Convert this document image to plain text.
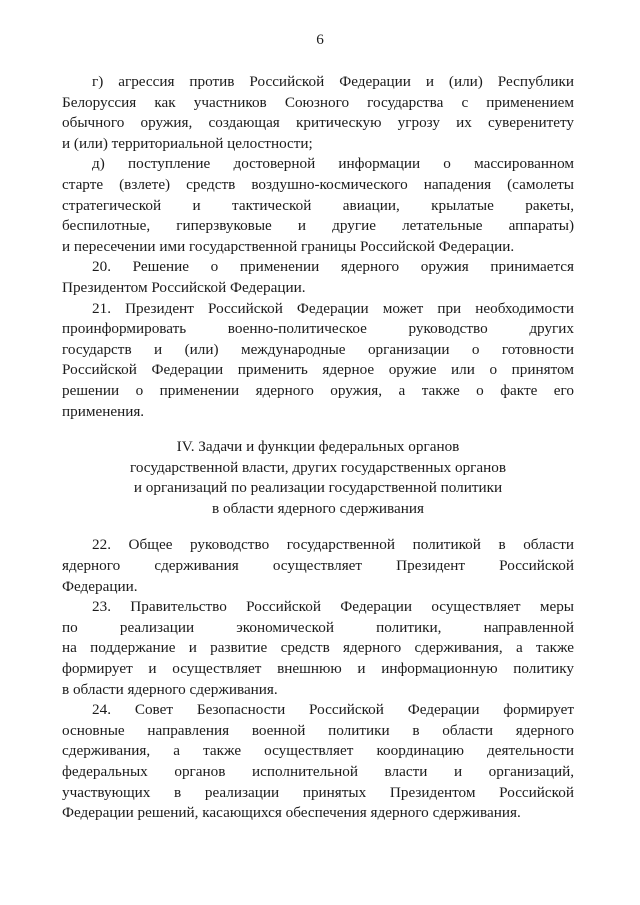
6
г) агрессия против Российской Федерации и (или) Республики
Белоруссия как участников Союзного государства с применением
обычного оружия, создающая критическую угрозу их суверенитету
и (или) территориальной целостности;
д) поступление достоверной информации о массированном
старте (взлете) средств воздушно-космического нападения (самолеты
стратегической и тактической авиации, крылатые ракеты,
беспилотные, гиперзвуковые и другие летательные аппараты)
и пересечении ими государственной границы Российской Федерации.
20. Решение о применении ядерного оружия принимается
Президентом Российской Федерации.
21. Президент Российской Федерации может при необходимости
проинформировать военно-политическое руководство других
государств и (или) международные организации о готовности
Российской Федерации применить ядерное оружие или о принятом
решении о применении ядерного оружия, а также о факте его
применения.
IV. Задачи и функции федеральных органов
государственной власти, других государственных органов
и организаций по реализации государственной политики
в области ядерного сдерживания
22. Общее руководство государственной политикой в области
ядерного сдерживания осуществляет Президент Российской
Федерации.
23. Правительство Российской Федерации осуществляет меры
по реализации экономической политики, направленной
на поддержание и развитие средств ядерного сдерживания, а также
формирует и осуществляет внешнюю и информационную политику
в области ядерного сдерживания.
24. Совет Безопасности Российской Федерации формирует
основные направления военной политики в области ядерного
сдерживания, а также осуществляет координацию деятельности
федеральных органов исполнительной власти и организаций,
участвующих в реализации принятых Президентом Российской
Федерации решений, касающихся обеспечения ядерного сдерживания.
